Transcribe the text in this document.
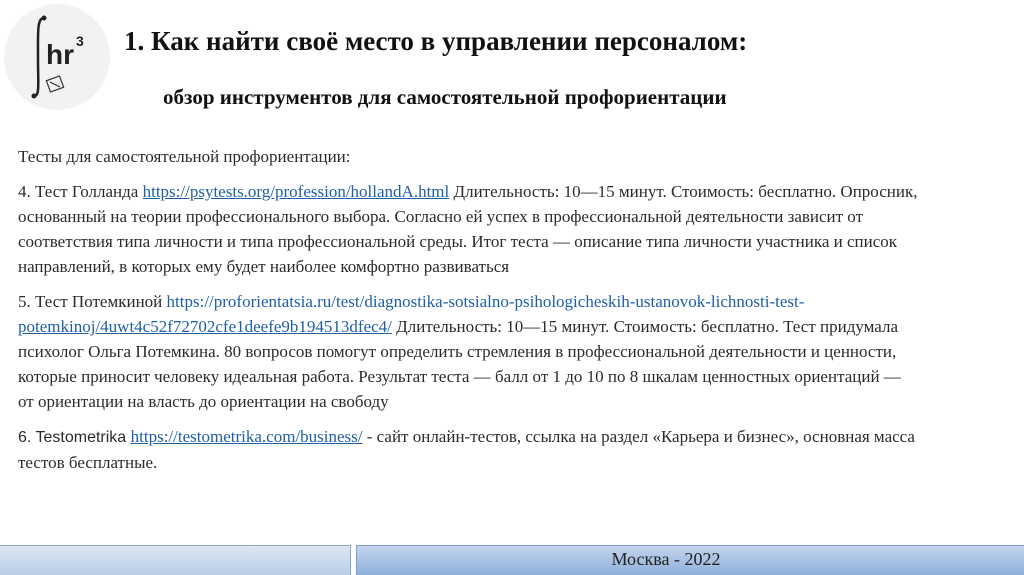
hr 3 1. Как найти своё место в управлении персоналом:
обзор инструментов для самостоятельной профориентации

Тесты для самостоятельной профориентации:

4. Тест Голланда https://psytests.org/profession/hollandA.html Длительность: 10—15 минут. Стоимость: бесплатно. Опросник, основанный на теории профессионального выбора. Согласно ей успех в профессиональной деятельности зависит от соответствия типа личности и типа профессиональной среды. Итог теста — описание типа личности участника и список направлений, в которых ему будет наиболее комфортно развиваться

5. Тест Потемкиной https://proforientatsia.ru/test/diagnostika-sotsialno-psihologicheskih-ustanovok-lichnosti-test-
potemkinoj/4uwt4c52f72702cfe1deefe9b194513dfec4/ Длительность: 10—15 минут. Стоимость: бесплатно. Тест придумала психолог Ольга Потемкина. 80 вопросов помогут определить стремления в профессиональной деятельности и ценности, которые приносит человеку идеальная работа. Результат теста — балл от 1 до 10 по 8 шкалам ценностных ориентаций — от ориентации на власть до ориентации на свободу

6. Testometrika https://testometrika.com/business/ - сайт онлайн-тестов, ссылка на раздел «Карьера и бизнес», основная масса тестов бесплатные.

Москва - 2022
